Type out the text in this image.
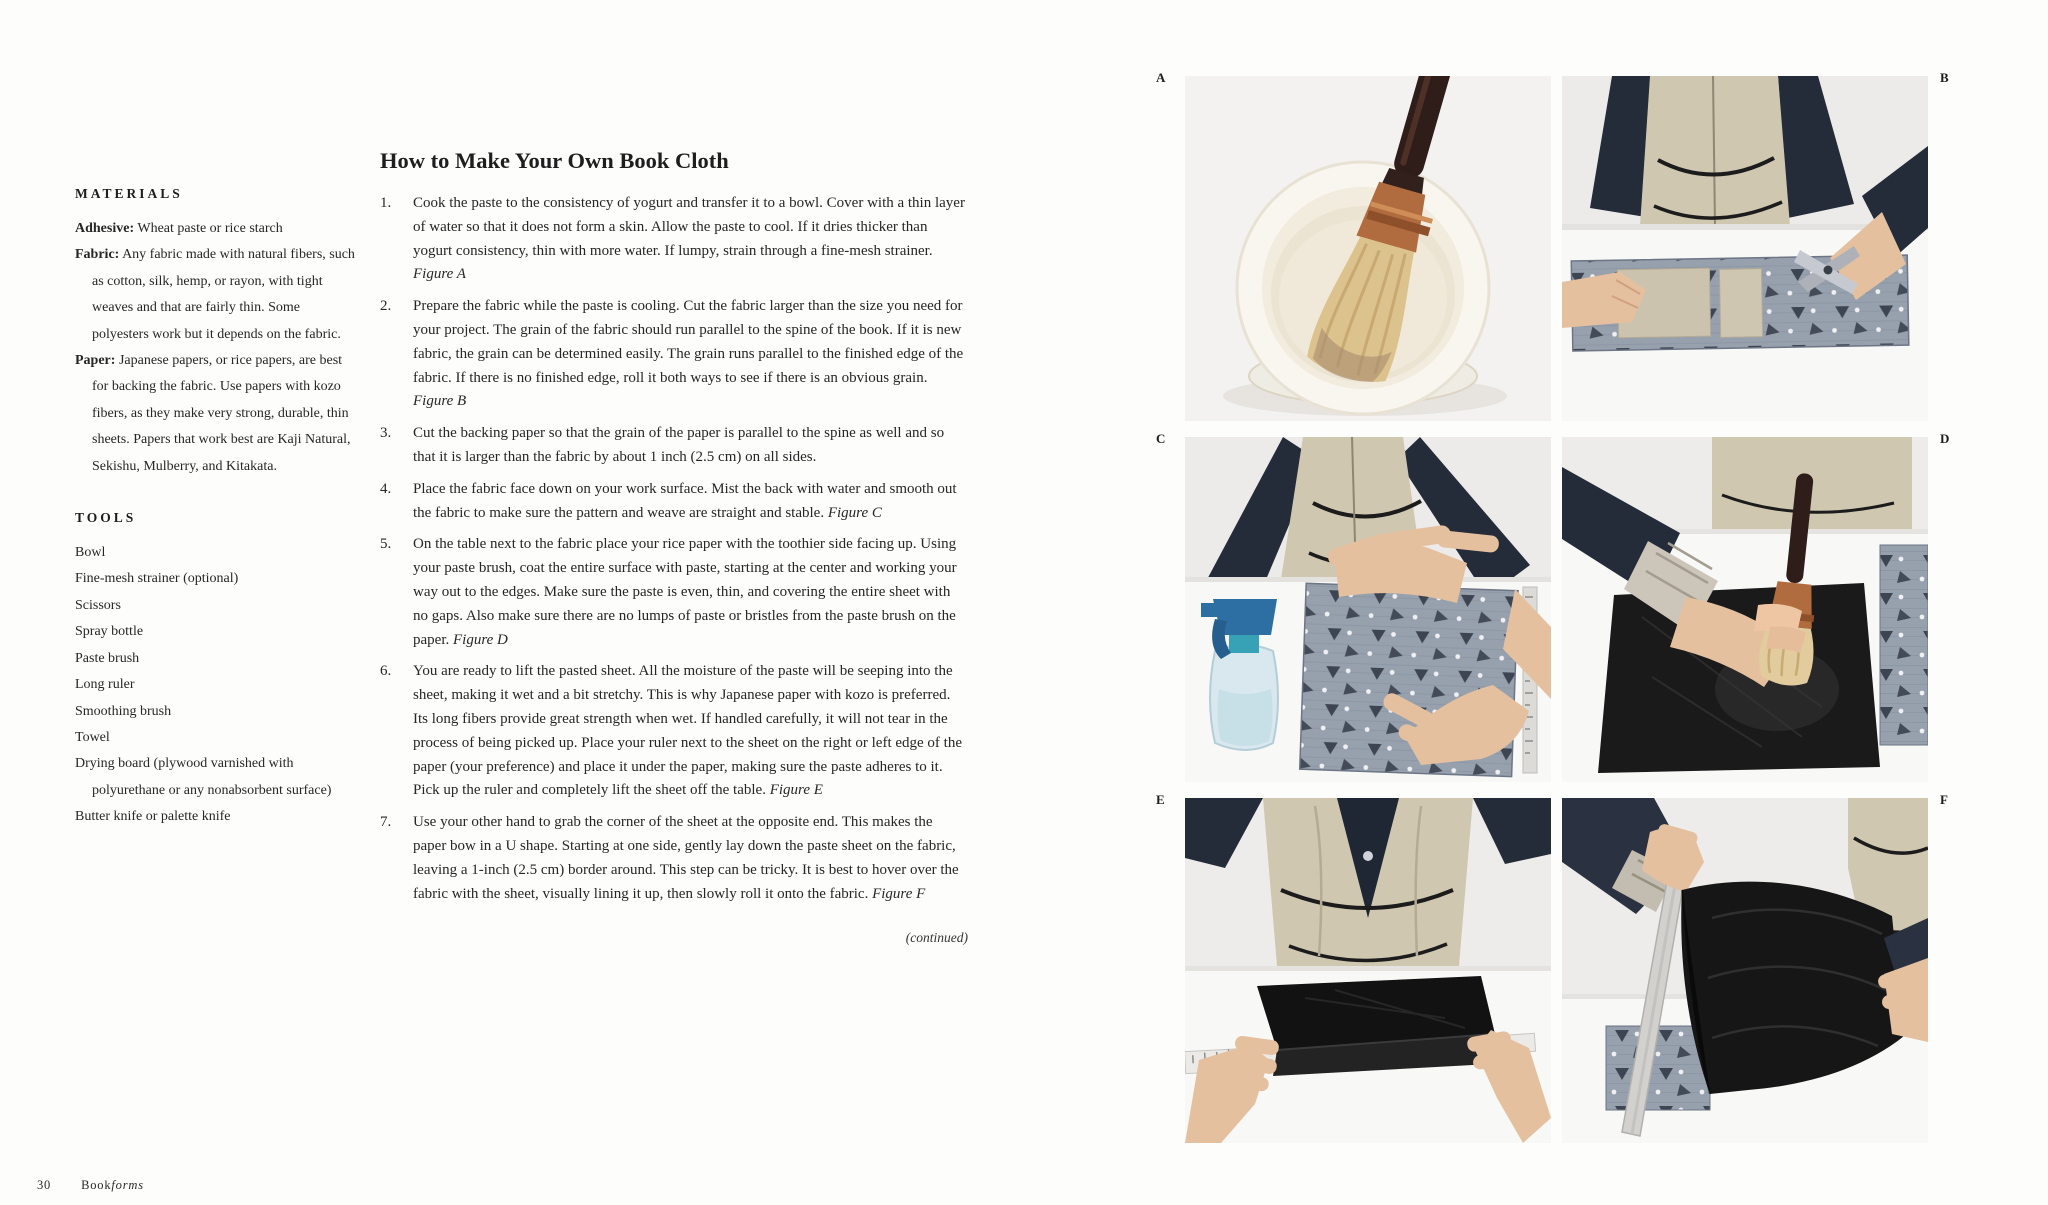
MATERIALS

Adhesive: Wheat paste or rice starch

Fabric: Any fabric made with natural fibers, such as cotton, silk, hemp, or rayon, with tight weaves and that are fairly thin. Some polyesters work but it depends on the fabric.

Paper: Japanese papers, or rice papers, are best for backing the fabric. Use papers with kozo fibers, as they make very strong, durable, thin sheets. Papers that work best are Kaji Natural, Sekishu, Mulberry, and Kitakata.

TOOLS
Bowl
Fine-mesh strainer (optional)
Scissors
Spray bottle
Paste brush
Long ruler
Smoothing brush
Towel
Drying board (plywood varnished with polyurethane or any nonabsorbent surface)
Butter knife or palette knife
How to Make Your Own Book Cloth
1.	Cook the paste to the consistency of yogurt and transfer it to a bowl. Cover with a thin layer of water so that it does not form a skin. Allow the paste to cool. If it dries thicker than yogurt consistency, thin with more water. If lumpy, strain through a fine-mesh strainer. Figure A
2.	Prepare the fabric while the paste is cooling. Cut the fabric larger than the size you need for your project. The grain of the fabric should run parallel to the spine of the book. If it is new fabric, the grain can be determined easily. The grain runs parallel to the finished edge of the fabric. If there is no finished edge, roll it both ways to see if there is an obvious grain. Figure B
3.	Cut the backing paper so that the grain of the paper is parallel to the spine as well and so that it is larger than the fabric by about 1 inch (2.5 cm) on all sides.
4.	Place the fabric face down on your work surface. Mist the back with water and smooth out the fabric to make sure the pattern and weave are straight and stable. Figure C
5.	On the table next to the fabric place your rice paper with the toothier side facing up. Using your paste brush, coat the entire surface with paste, starting at the center and working your way out to the edges. Make sure the paste is even, thin, and covering the entire sheet with no gaps. Also make sure there are no lumps of paste or bristles from the paste brush on the paper. Figure D
6.	You are ready to lift the pasted sheet. All the moisture of the paste will be seeping into the sheet, making it wet and a bit stretchy. This is why Japanese paper with kozo is preferred. Its long fibers provide great strength when wet. If handled carefully, it will not tear in the process of being picked up. Place your ruler next to the sheet on the right or left edge of the paper (your preference) and place it under the paper, making sure the paste adheres to it. Pick up the ruler and completely lift the sheet off the table. Figure E
7.	Use your other hand to grab the corner of the sheet at the opposite end. This makes the paper bow in a U shape. Starting at one side, gently lay down the paste sheet on the fabric, leaving a 1-inch (2.5 cm) border around. This step can be tricky. It is best to hover over the fabric with the sheet, visually lining it up, then slowly roll it onto the fabric. Figure F
(continued)
30 Bookforms
A	B
C	D
E	F
